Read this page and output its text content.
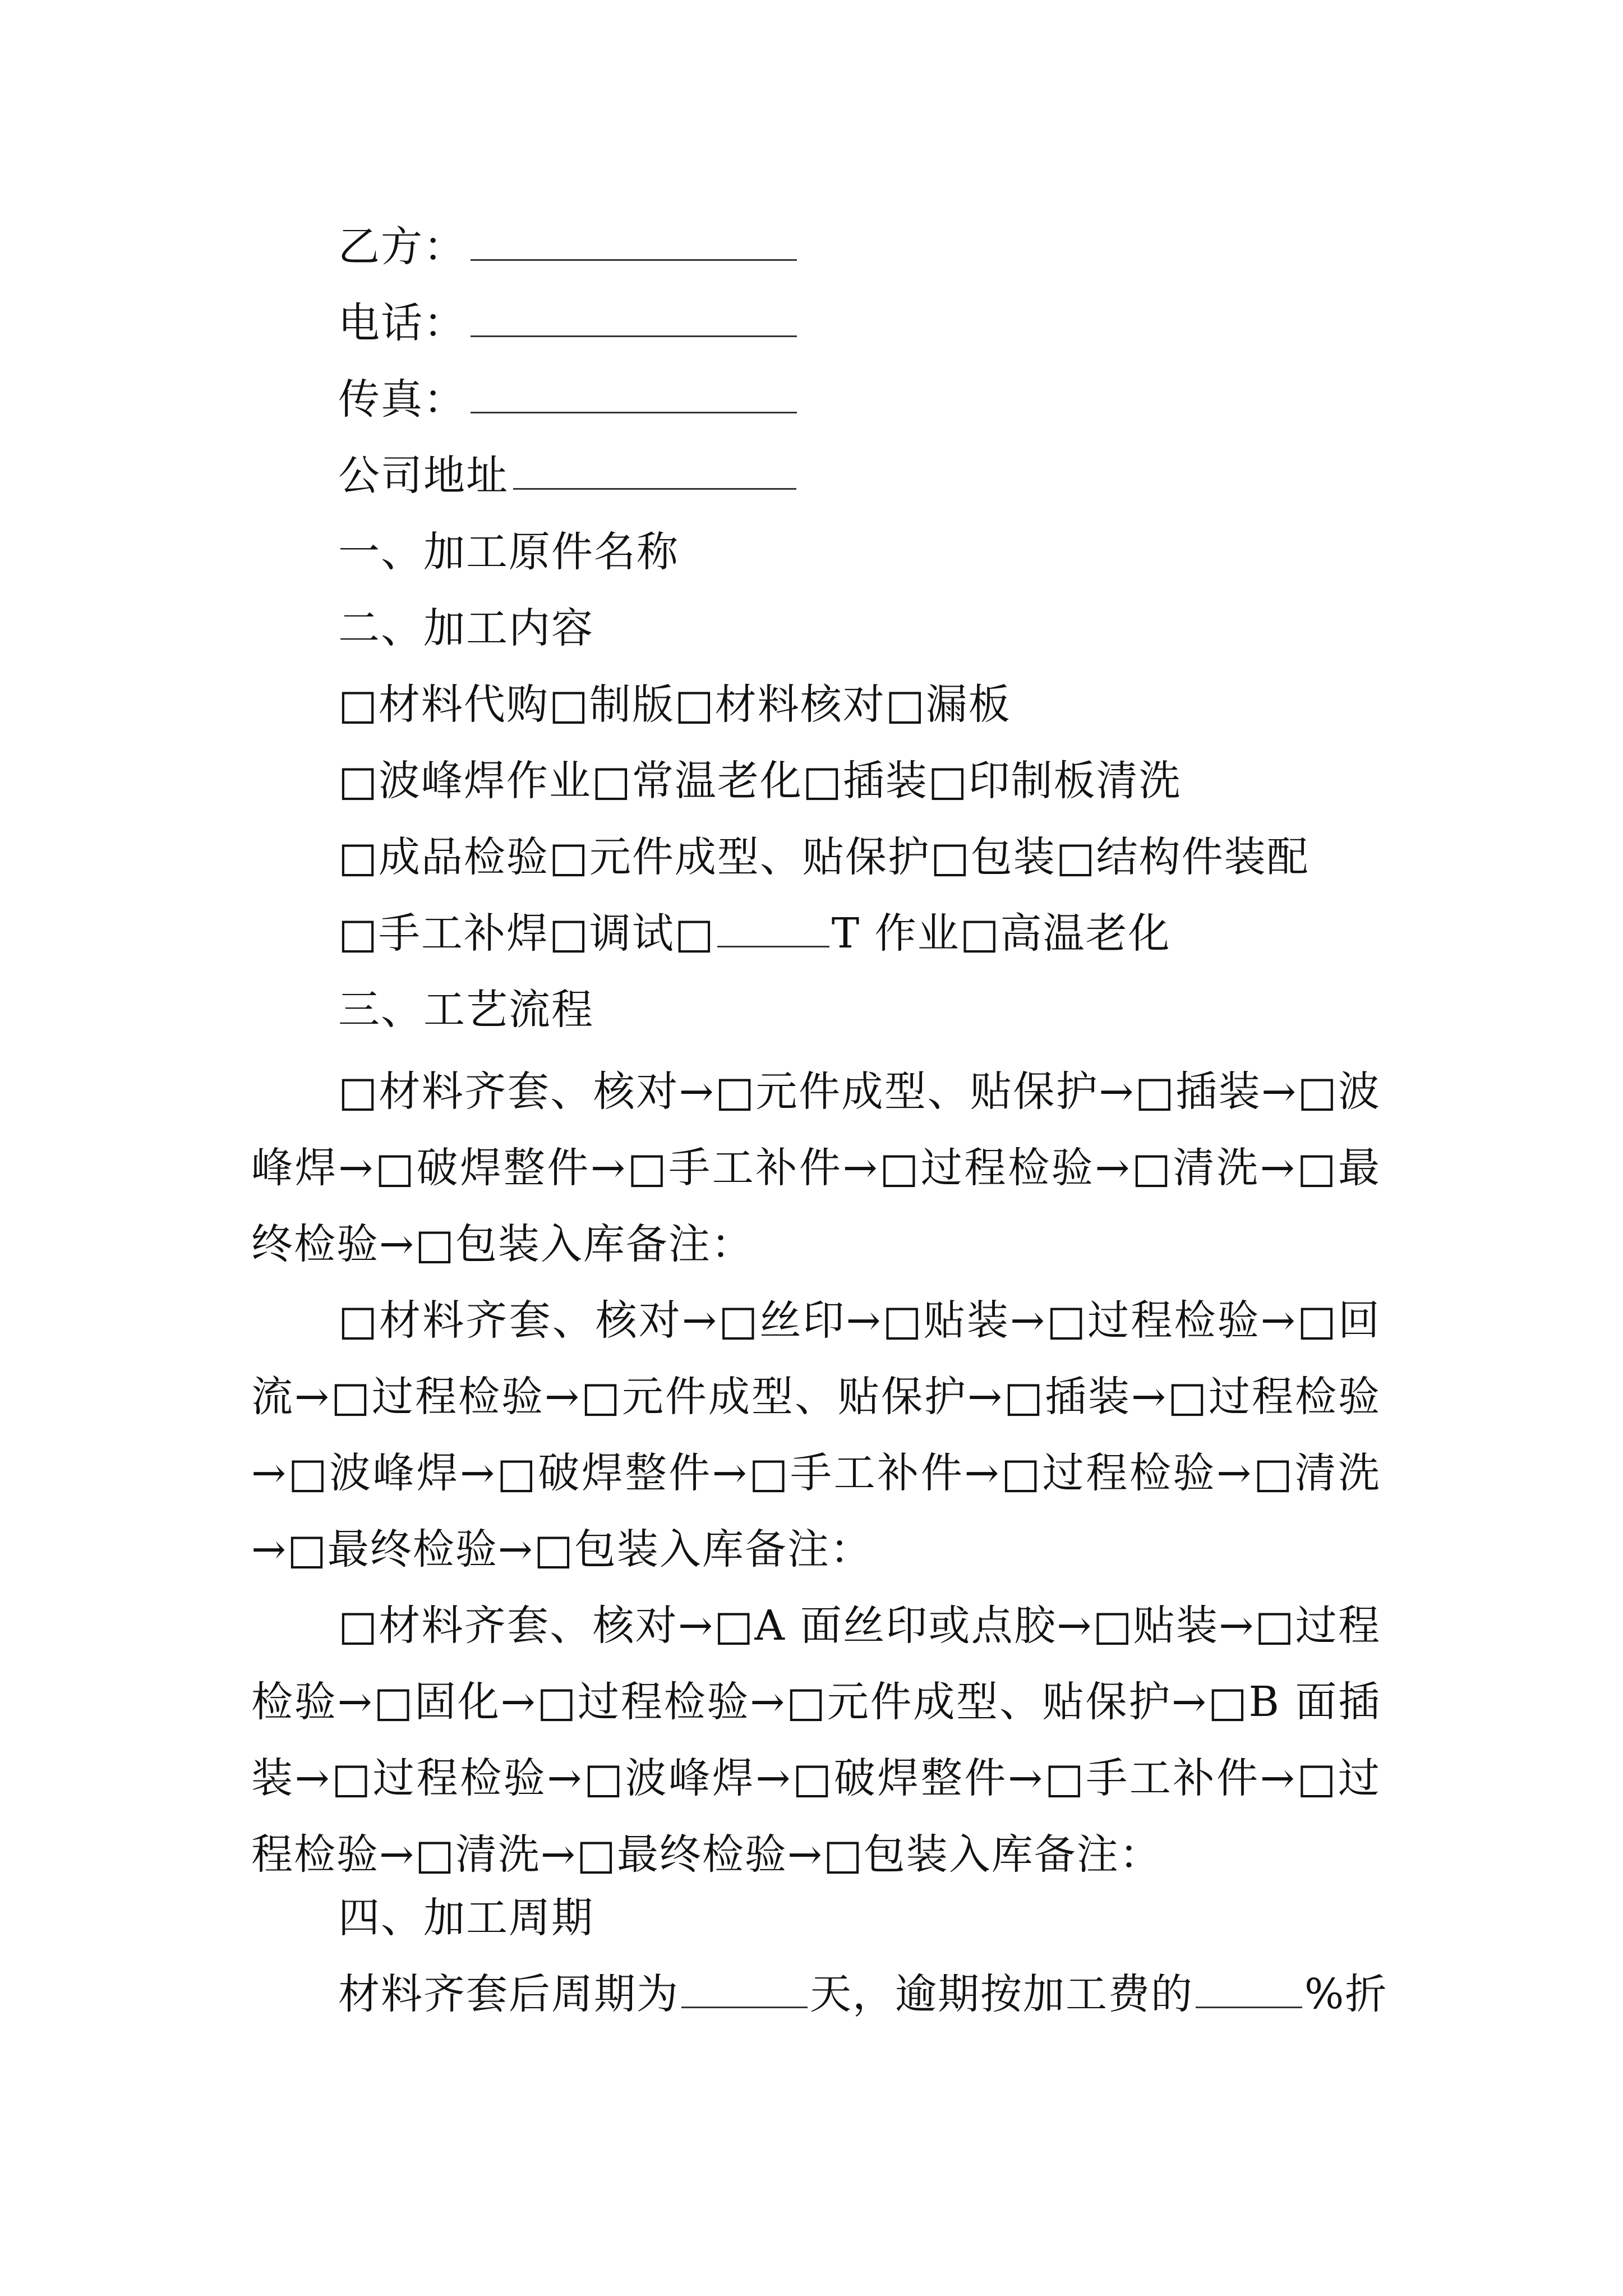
乙方：
电话：
传真：
公司地址
一、加工原件名称
二、加工内容
□材料代购□制版□材料核对□漏板
□波峰焊作业□常温老化□插装□印制板清洗
□成品检验□元件成型、贴保护□包装□结构件装配
□手工补焊□调试□	T 作业□高温老化
三、工艺流程
□材料齐套、核对→□元件成型、贴保护→□插装→□波峰焊→□破焊整件→□手工补件→□过程检验→□清洗→□最终检验→□包装入库备注：
□材料齐套、核对→□丝印→□贴装→□过程检验→□回流→□过程检验→□元件成型、贴保护→□插装→□过程检验→□波峰焊→□破焊整件→□手工补件→□过程检验→□清洗→□最终检验→□包装入库备注：
□材料齐套、核对→□A 面丝印或点胶→□贴装→□过程检验→□固化→□过程检验→□元件成型、贴保护→□B 面插装→□过程检验→□波峰焊→□破焊整件→□手工补件→□过程检验→□清洗→□最终检验→□包装入库备注：
四、加工周期
材料齐套后周期为	天，逾期按加工费的	%折
